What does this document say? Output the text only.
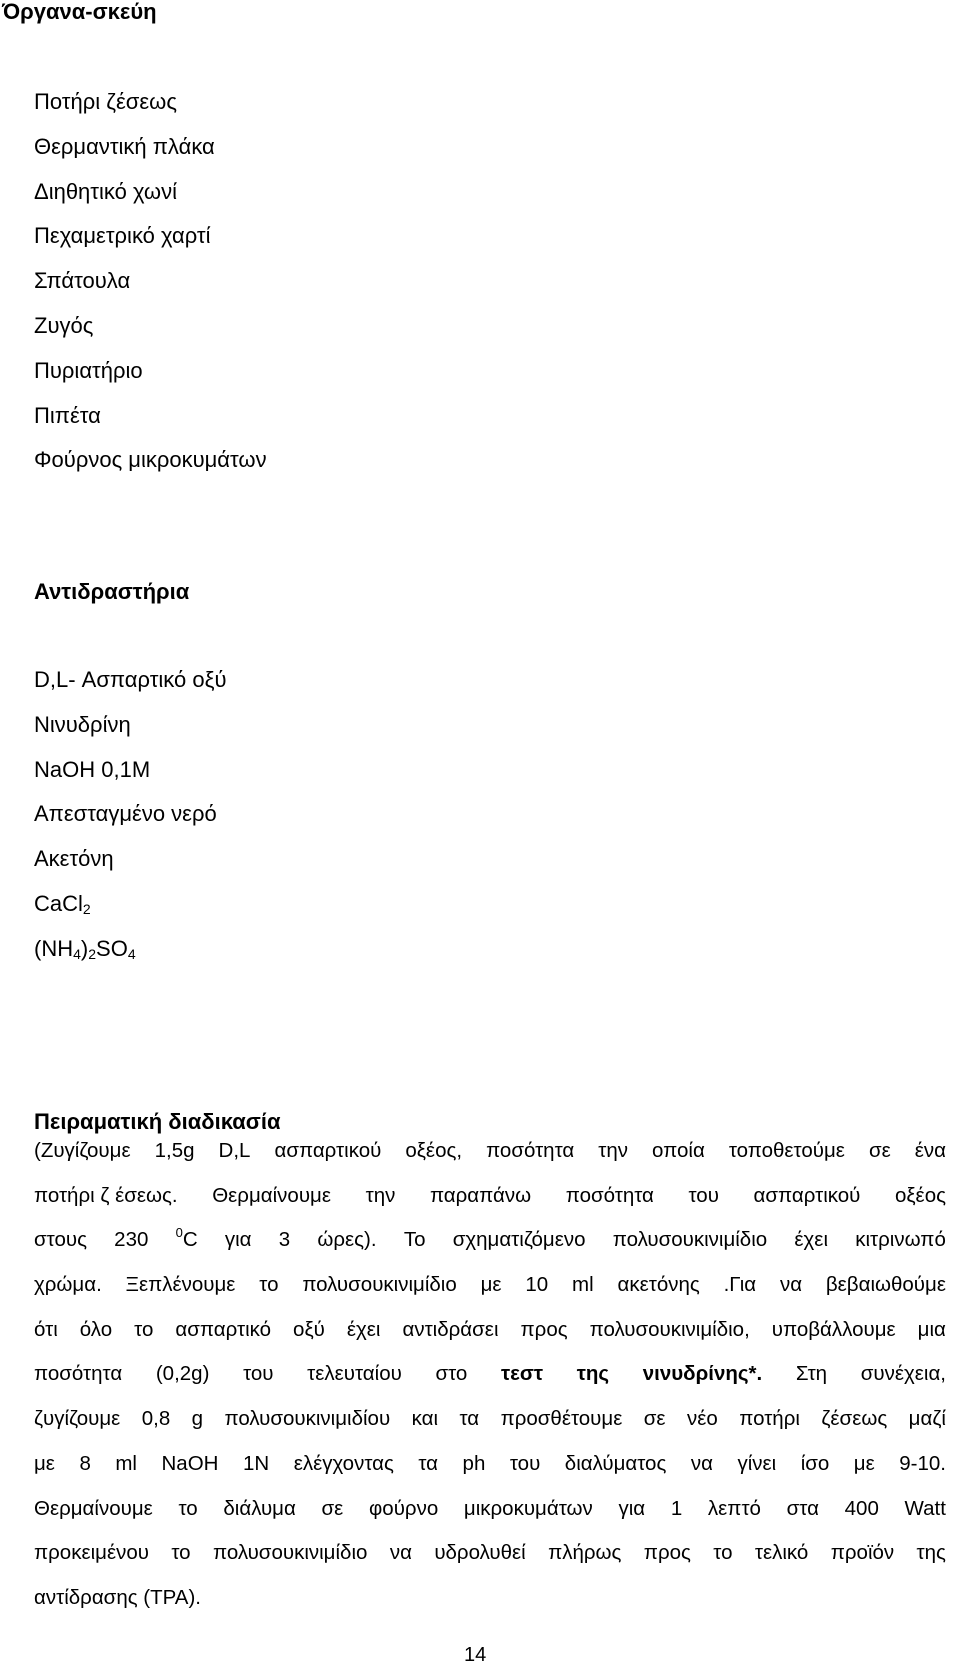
Όργανα-σκεύη
Ποτήρι ζέσεως
Θερμαντική πλάκα
Διηθητικό χωνί
Πεχαμετρικό χαρτί
Σπάτουλα
Ζυγός
Πυριατήριο
Πιπέτα
Φούρνος μικροκυμάτων
Αντιδραστήρια
D,L- Ασπαρτικό οξύ
Νινυδρίνη
NaOH 0,1M
Απεσταγμένο νερό
Ακετόνη
CaCl$_2$
$(NH_4)_2SO_4$
Πειραματική διαδικασία
(Ζυγίζουμε 1,5g D,L ασπαρτικού οξέος, ποσότητα την οποία τοποθετούμε σε ένα
ποτήρι ζ έσεως. Θερμαίνουμε την παραπάνω ποσότητα του ασπαρτικού οξέος
στους 230 $^0$C για 3 ώρες). Το σχηματιζόμενο πολυσουκινιμίδιο έχει κιτρινωπό
χρώμα. Ξεπλένουμε το πολυσουκινιμίδιο με 10 ml ακετόνης .Για να βεβαιωθούμε
ότι όλο το ασπαρτικό οξύ έχει αντιδράσει προς πολυσουκινιμίδιο, υποβάλλουμε μια
ποσότητα (0,2g) του τελευταίου στο τεστ της νινυδρίνης*. Στη συνέχεια,
ζυγίζουμε 0,8 g πολυσουκινιμιδίου και τα προσθέτουμε σε νέο ποτήρι ζέσεως μαζί
με 8 ml NaOH 1N ελέγχοντας τα ph του διαλύματος να γίνει ίσο με 9-10.
Θερμαίνουμε το διάλυμα σε φούρνο μικροκυμάτων για 1 λεπτό στα 400 Watt
προκειμένου το πολυσουκινιμίδιο να υδρολυθεί πλήρως προς το τελικό προϊόν της
αντίδρασης (TPA).
14
